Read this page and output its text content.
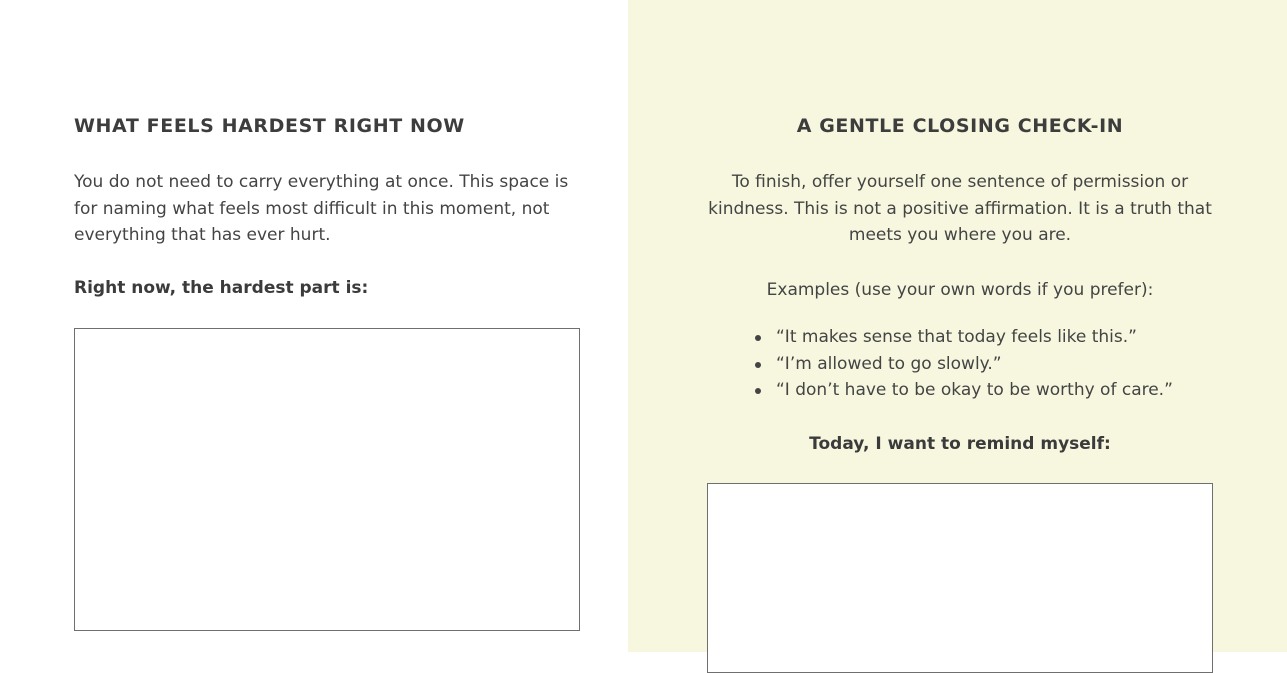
WHAT FEELS HARDEST RIGHT NOW

You do not need to carry everything at once. This space is for naming what feels most difficult in this moment, not everything that has ever hurt.

Right now, the hardest part is:

A GENTLE CLOSING CHECK-IN

To finish, offer yourself one sentence of permission or kindness. This is not a positive affirmation. It is a truth that meets you where you are.

Examples (use your own words if you prefer):

“It makes sense that today feels like this.”
“I’m allowed to go slowly.”
“I don’t have to be okay to be worthy of care.”

Today, I want to remind myself:
